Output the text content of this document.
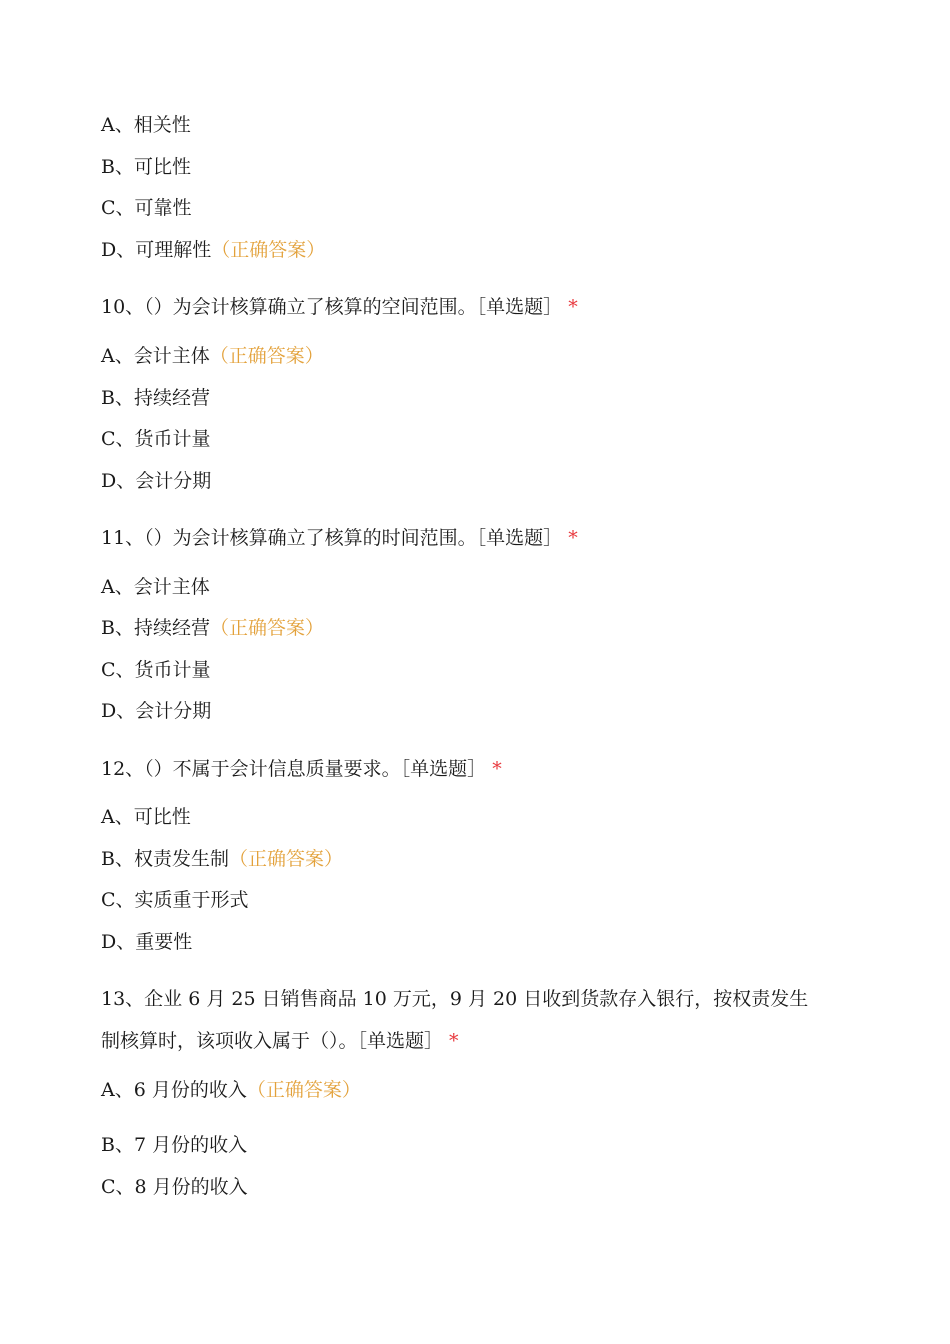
A、相关性
B、可比性
C、可靠性
D、可理解性（正确答案）
10、（）为会计核算确立了核算的空间范围。［单选题］ *
A、会计主体（正确答案）
B、持续经营
C、货币计量
D、会计分期
11、（）为会计核算确立了核算的时间范围。［单选题］ *
A、会计主体
B、持续经营（正确答案）
C、货币计量
D、会计分期
12、（）不属于会计信息质量要求。［单选题］ *
A、可比性
B、权责发生制（正确答案）
C、实质重于形式
D、重要性
13、企业 6 月 25 日销售商品 10 万元，9 月 20 日收到货款存入银行，按权责发生
制核算时，该项收入属于（）。［单选题］ *
A、6 月份的收入（正确答案）
B、7 月份的收入
C、8 月份的收入
